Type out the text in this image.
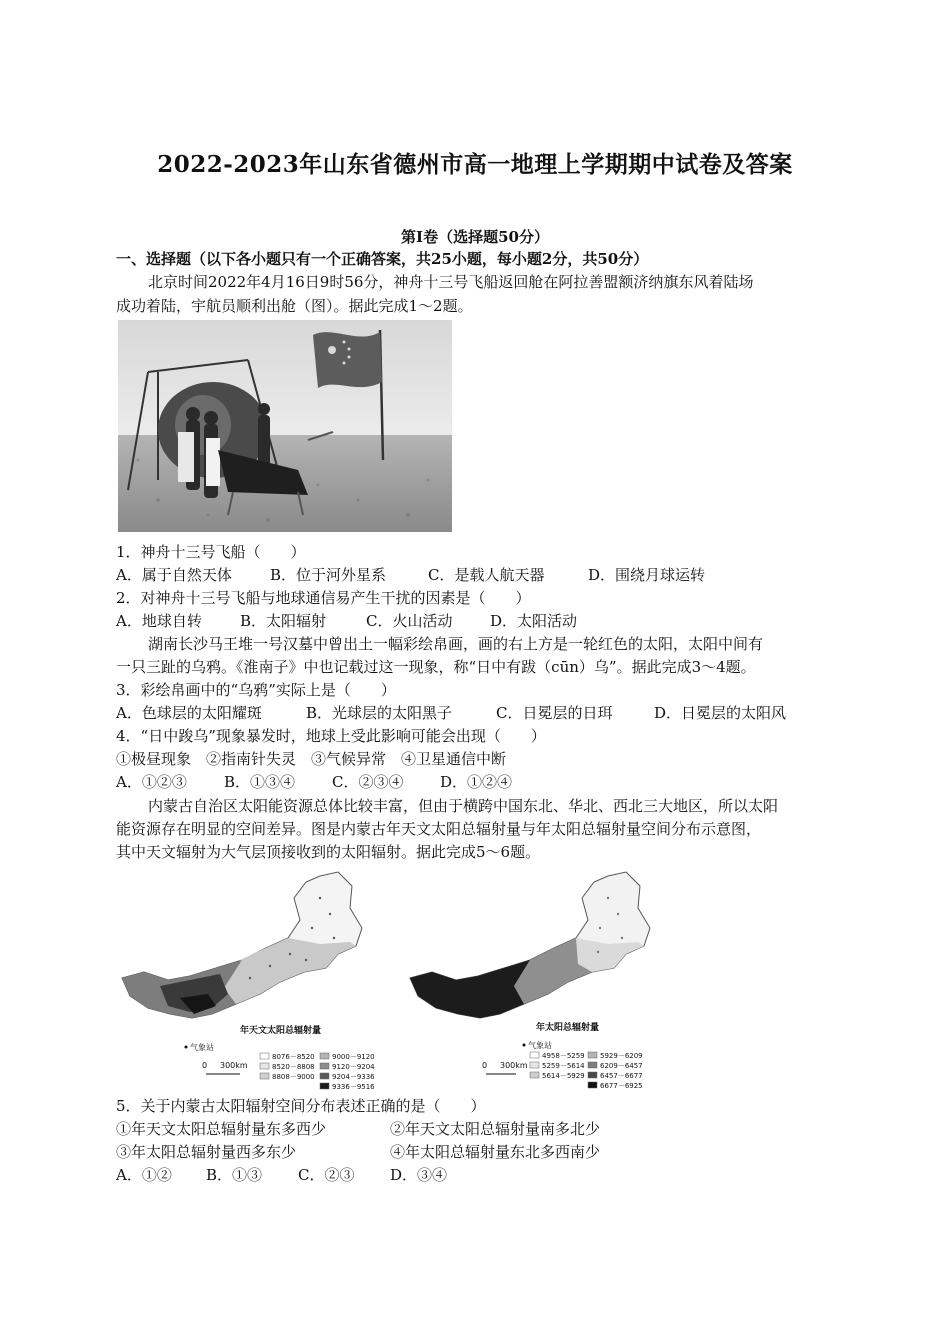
2022-2023年山东省德州市高一地理上学期期中试卷及答案
第Ⅰ卷（选择题50分）
一、选择题（以下各小题只有一个正确答案，共25小题，每小题2分，共50分）
北京时间2022年4月16日9时56分，神舟十三号飞船返回舱在阿拉善盟额济纳旗东风着陆场
成功着陆，宇航员顺利出舱（图）。据此完成1～2题。
1．神舟十三号飞船（　　）
A．属于自然天体	B．位于河外星系	C．是载人航天器	D．围绕月球运转
2．对神舟十三号飞船与地球通信易产生干扰的因素是（　　）
A．地球自转	B．太阳辐射	C．火山活动	D．太阳活动
湖南长沙马王堆一号汉墓中曾出土一幅彩绘帛画，画的右上方是一轮红色的太阳，太阳中间有
一只三趾的乌鸦。《淮南子》中也记载过这一现象，称“日中有跋（cūn）乌”。据此完成3～4题。
3．彩绘帛画中的“乌鸦”实际上是（　　）
A．色球层的太阳耀斑	B．光球层的太阳黑子	C．日冕层的日珥	D．日冕层的太阳风
4．“日中踆乌”现象暴发时，地球上受此影响可能会出现（　　）
①极昼现象　②指南针失灵　③气候异常　④卫星通信中断
A．①②③ B．①③④ C．②③④ D．①②④
内蒙古自治区太阳能资源总体比较丰富，但由于横跨中国东北、华北、西北三大地区，所以太阳
能资源存在明显的空间差异。图是内蒙古年天文太阳总辐射量与年太阳总辐射量空间分布示意图，
其中天文辐射为大气层顶接收到的太阳辐射。据此完成5～6题。
年天文太阳总辐射量
气象站
8076－8520
8520－8808
8808－9000
9000－9120
9120－9204
9204－9336
9336－9516
0 300km
年太阳总辐射量
气象站
4958－5259
5259－5614
5614－5929
5929－6209
6209－6457
6457－6677
6677－6925
0 300km
5．关于内蒙古太阳辐射空间分布表述正确的是（　　）
①年天文太阳总辐射量东多西少	②年天文太阳总辐射量南多北少
③年太阳总辐射量西多东少	④年太阳总辐射量东北多西南少
A．①② B．①③ C．②③ D．③④
